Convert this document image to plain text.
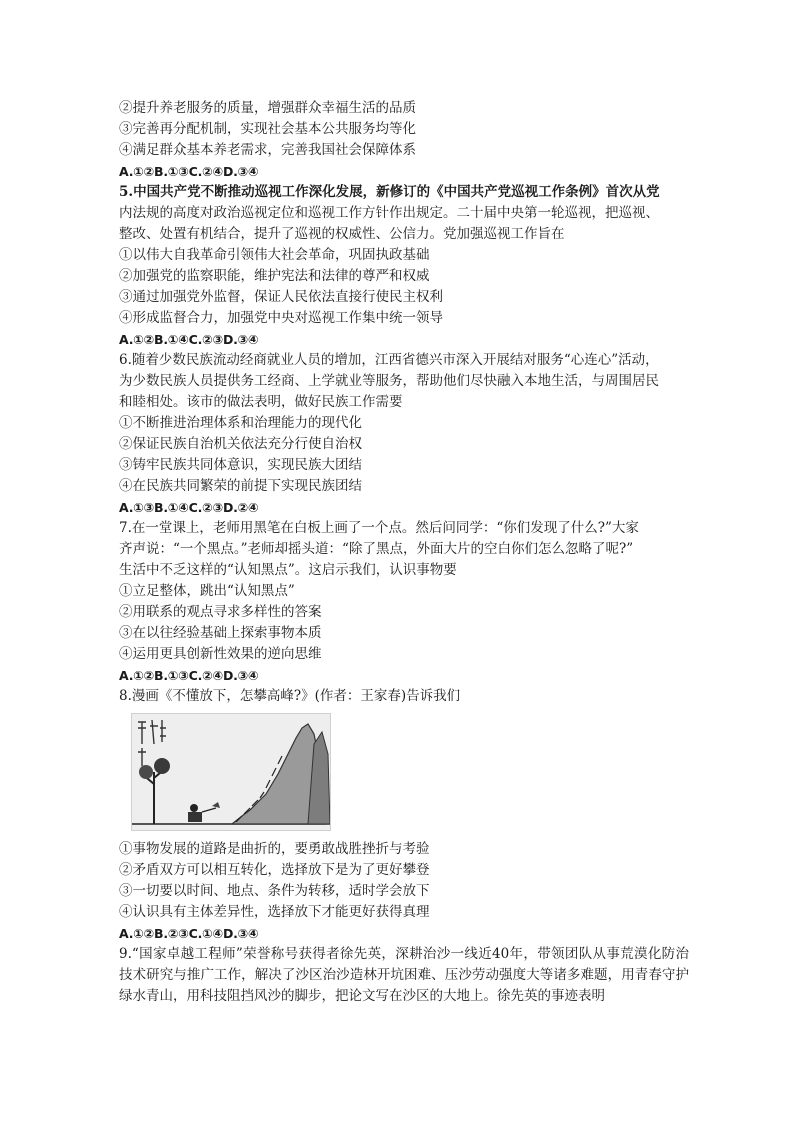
②提升养老服务的质量，增强群众幸福生活的品质
③完善再分配机制，实现社会基本公共服务均等化
④满足群众基本养老需求，完善我国社会保障体系
A.①②B.①③C.②④D.③④
5.中国共产党不断推动巡视工作深化发展，新修订的《中国共产党巡视工作条例》首次从党
内法规的高度对政治巡视定位和巡视工作方针作出规定。二十届中央第一轮巡视，把巡视、
整改、处置有机结合，提升了巡视的权威性、公信力。党加强巡视工作旨在
①以伟大自我革命引领伟大社会革命，巩固执政基础
②加强党的监察职能，维护宪法和法律的尊严和权威
③通过加强党外监督，保证人民依法直接行使民主权利
④形成监督合力，加强党中央对巡视工作集中统一领导
A.①②B.①④C.②③D.③④
6.随着少数民族流动经商就业人员的增加，江西省德兴市深入开展结对服务“心连心”活动，
为少数民族人员提供务工经商、上学就业等服务，帮助他们尽快融入本地生活，与周围居民
和睦相处。该市的做法表明，做好民族工作需要
①不断推进治理体系和治理能力的现代化
②保证民族自治机关依法充分行使自治权
③铸牢民族共同体意识，实现民族大团结
④在民族共同繁荣的前提下实现民族团结
A.①③B.①④C.②③D.②④
7.在一堂课上，老师用黑笔在白板上画了一个点。然后问同学：“你们发现了什么?”大家
齐声说：“一个黑点。”老师却摇头道：“除了黑点，外面大片的空白你们怎么忽略了呢?”
生活中不乏这样的“认知黑点”。这启示我们，认识事物要
①立足整体，跳出“认知黑点”
②用联系的观点寻求多样性的答案
③在以往经验基础上探索事物本质
④运用更具创新性效果的逆向思维
A.①②B.①③C.②④D.③④
8.漫画《不懂放下，怎攀高峰?》(作者：王家春)告诉我们
①事物发展的道路是曲折的，要勇敢战胜挫折与考验
②矛盾双方可以相互转化，选择放下是为了更好攀登
③一切要以时间、地点、条件为转移，适时学会放下
④认识具有主体差异性，选择放下才能更好获得真理
A.①②B.②③C.①④D.③④
9.“国家卓越工程师”荣誉称号获得者徐先英，深耕治沙一线近40年，带领团队从事荒漠化防治技术研究与推广工作，解决了沙区治沙造林开坑困难、压沙劳动强度大等诸多难题，用青春守护绿水青山，用科技阻挡风沙的脚步，把论文写在沙区的大地上。徐先英的事迹表明
